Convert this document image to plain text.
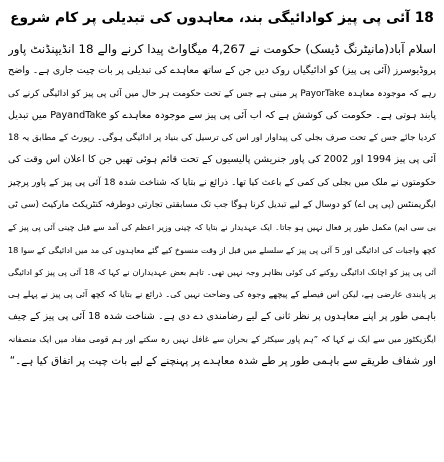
18 آئی پی پیز کوادائیگی بند، معاہدوں کی تبدیلی پر کام شروع
اسلام آباد(مانیٹرنگ ڈیسک) حکومت نے 4,267 میگاواٹ پیدا کرنے والے 18 انڈیپنڈنٹ پاور
پروڈیوسرز (آئی پی پیز) کو ادائیگیاں روک دیں جن کے ساتھ معاہدے کی تبدیلی پر بات چیت جاری ہے۔ واضح
رہے کہ موجودہ معاہدہ PayorTake پر مبنی ہے جس کے تحت حکومت ہر حال میں آئی پی پیز کو ادائیگی کرنے کی
پابند ہوتی ہے۔ حکومت کی کوشش ہے کہ اب آئی پی پیز سے موجودہ معاہدے کو PayandTake میں تبدیل
کردیا جائے جس کے تحت صرف بجلی کی پیداوار اور اس کی ترسیل کی بنیاد پر ادائیگی ہوگی۔ رپورٹ کے مطابق یہ 18
آئی پی پیز 1994 اور 2002 کی پاور جنریشن پالیسیوں کے تحت قائم ہوئی تھیں جن کا اعلان اس وقت کی
حکومتوں نے ملک میں بجلی کی کمی کے باعث کیا تھا۔ ذرائع نے بتایا کہ شناخت شدہ 18 آئی پی پیز کے پاور پرچیز
ایگریمنٹس (پی پی اے) کو دوسال کے لیے تبدیل کرنا ہوگا جب تک مسابقتی تجارتی دوطرفہ کنٹریکٹ مارکیٹ (سی ٹی
بی سی ایم) مکمل طور پر فعال نہیں ہو جاتا۔ ایک عہدیدار نے بتایا کہ چینی وزیر اعظم کی آمد سے قبل چینی آئی پی پیز کے
کچھ واجبات کی ادائیگی اور 5 آئی پی پیز کے سلسلے میں قبل از وقت منسوخ کیے گئے معاہدوں کی مد میں ادائیگی کے سوا 18
آئی پی پیز کو اچانک ادائیگی روکنے کی کوئی بظاہر وجہ نہیں تھی۔ تاہم بعض عہدیداران نے کہا کہ 18 آئی پی پیز کو ادائیگی
پر پابندی عارضی ہے، لیکن اس فیصلے کے پیچھے وجوہ کی وضاحت نہیں کی۔ ذرائع نے بتایا کہ کچھ آئی پی پیز نے پہلے ہی
باہمی طور پر اپنے معاہدوں پر نظر ثانی کے لیے رضامندی دے دی ہے۔ شناخت شدہ 18 آئی پی پیز کے چیف
ایگزیکٹوز میں سے ایک نے کہا کہ ”ہم پاور سیکٹر کے بحران سے غافل نہیں رہ سکتے اور ہم قومی مفاد میں ایک منصفانہ
اور شفاف طریقے سے باہمی طور پر طے شدہ معاہدے پر پہنچنے کے لیے بات چیت پر اتفاق کیا ہے۔“
